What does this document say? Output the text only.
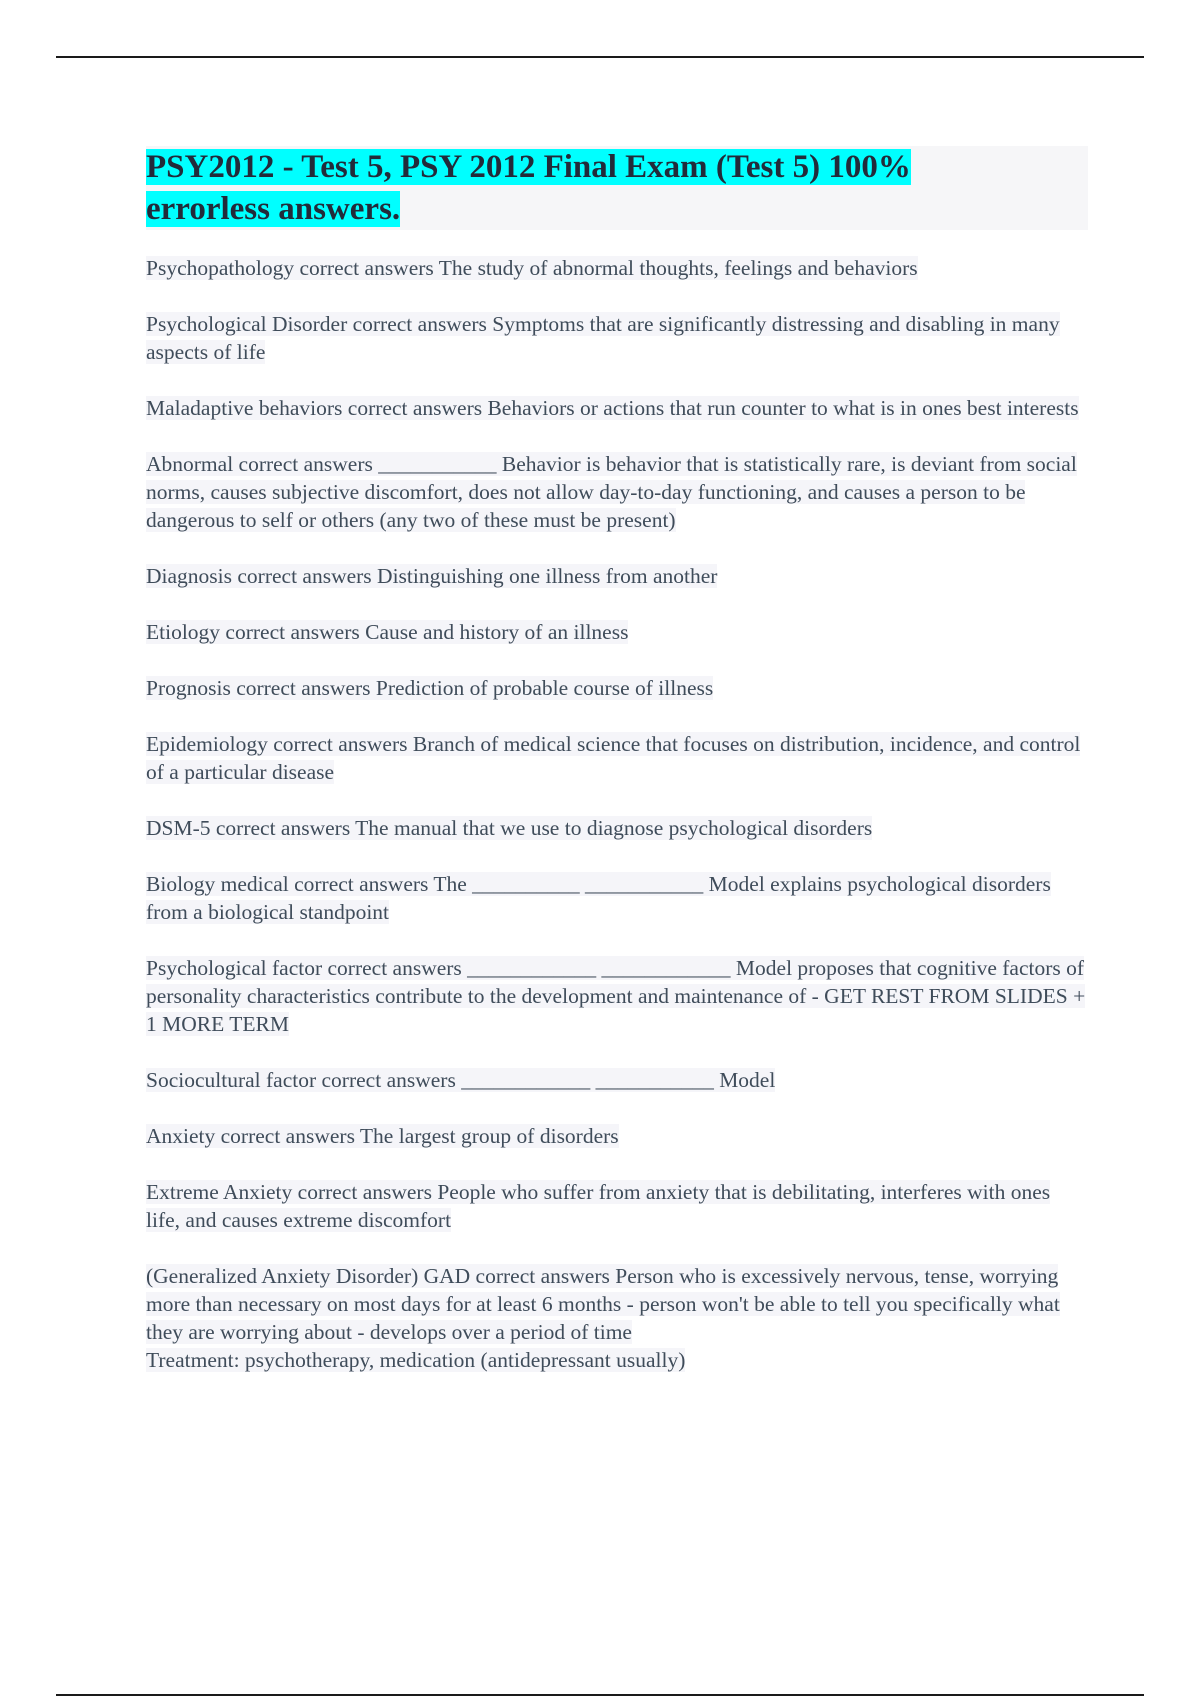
PSY2012 - Test 5, PSY 2012 Final Exam (Test 5) 100% errorless answers.

Psychopathology correct answers The study of abnormal thoughts, feelings and behaviors

Psychological Disorder correct answers Symptoms that are significantly distressing and disabling in many aspects of life

Maladaptive behaviors correct answers Behaviors or actions that run counter to what is in ones best interests

Abnormal correct answers ___________ Behavior is behavior that is statistically rare, is deviant from social norms, causes subjective discomfort, does not allow day-to-day functioning, and causes a person to be dangerous to self or others (any two of these must be present)

Diagnosis correct answers Distinguishing one illness from another

Etiology correct answers Cause and history of an illness

Prognosis correct answers Prediction of probable course of illness

Epidemiology correct answers Branch of medical science that focuses on distribution, incidence, and control of a particular disease

DSM-5 correct answers The manual that we use to diagnose psychological disorders

Biology medical correct answers The __________ ___________ Model explains psychological disorders from a biological standpoint

Psychological factor correct answers ____________ ____________ Model proposes that cognitive factors of personality characteristics contribute to the development and maintenance of - GET REST FROM SLIDES + 1 MORE TERM

Sociocultural factor correct answers ____________ ___________ Model

Anxiety correct answers The largest group of disorders

Extreme Anxiety correct answers People who suffer from anxiety that is debilitating, interferes with ones life, and causes extreme discomfort

(Generalized Anxiety Disorder) GAD correct answers Person who is excessively nervous, tense, worrying more than necessary on most days for at least 6 months - person won't be able to tell you specifically what they are worrying about - develops over a period of time
Treatment: psychotherapy, medication (antidepressant usually)
